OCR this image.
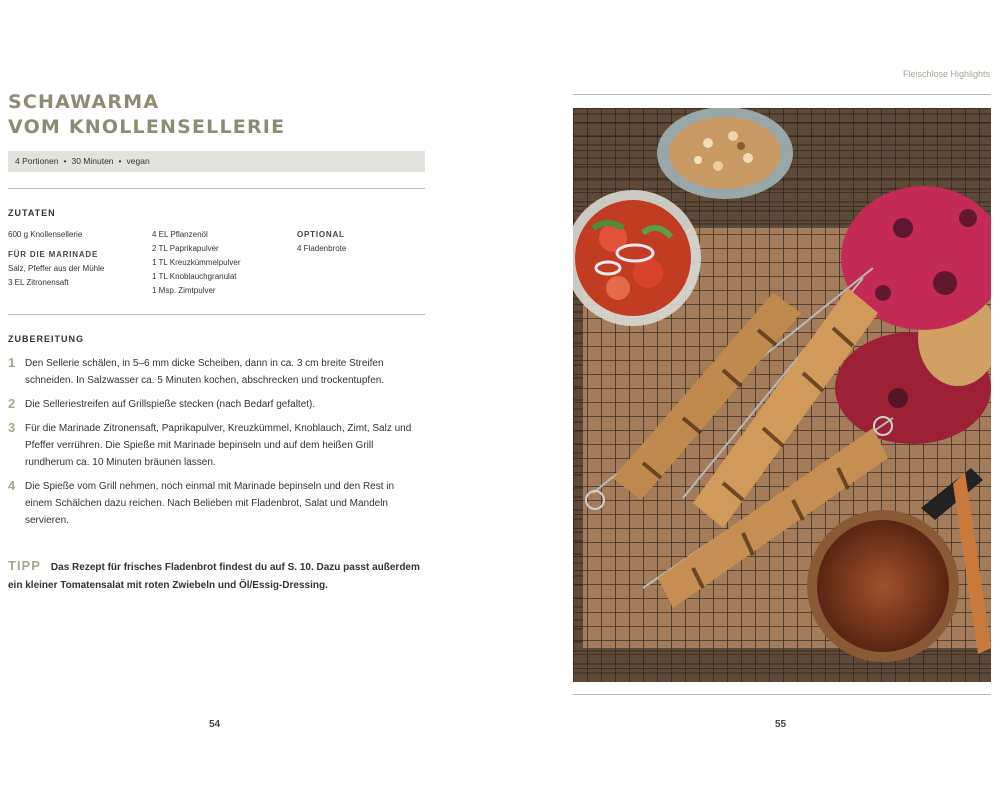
SCHAWARMA
VOM KNOLLENSELLERIE
4 Portionen • 30 Minuten • vegan
ZUTATEN
600 g Knollensellerie
FÜR DIE MARINADE
Salz, Pfeffer aus der Mühle
3 EL Zitronensaft
4 EL Pflanzenöl
2 TL Paprikapulver
1 TL Kreuzkümmelpulver
1 TL Knoblauchgranulat
1 Msp. Zimtpulver
OPTIONAL
4 Fladenbrote
ZUBEREITUNG
1 Den Sellerie schälen, in 5–6 mm dicke Scheiben, dann in ca. 3 cm breite Streifen schneiden. In Salzwasser ca. 5 Minuten kochen, abschrecken und trockentupfen.
2 Die Selleriestreifen auf Grillspieße stecken (nach Bedarf gefaltet).
3 Für die Marinade Zitronensaft, Paprikapulver, Kreuzkümmel, Knoblauch, Zimt, Salz und Pfeffer verrühren. Die Spieße mit Marinade bepinseln und auf dem heißen Grill rundherum ca. 10 Minuten bräunen lassen.
4 Die Spieße vom Grill nehmen, noch einmal mit Marinade bepinseln und den Rest in einem Schälchen dazu reichen. Nach Belieben mit Fladenbrot, Salat und Mandeln servieren.
TIPP Das Rezept für frisches Fladenbrot findest du auf S. 10. Dazu passt außerdem ein kleiner Tomatensalat mit roten Zwiebeln und Öl/Essig-Dressing.
54
Fleischlose Highlights
55
